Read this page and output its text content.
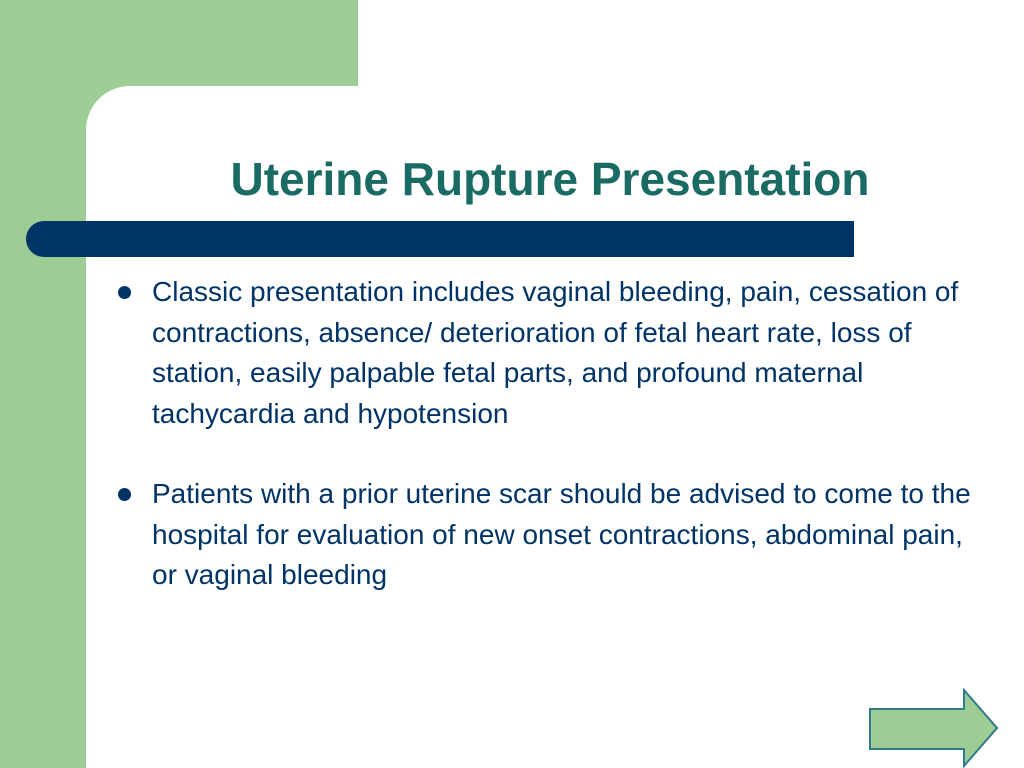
Uterine Rupture Presentation
Classic presentation includes vaginal bleeding, pain, cessation of contractions, absence/ deterioration of fetal heart rate, loss of station, easily palpable fetal parts, and profound maternal tachycardia and hypotension
Patients with a prior uterine scar should be advised to come to the hospital for evaluation of new onset contractions, abdominal pain, or vaginal bleeding
